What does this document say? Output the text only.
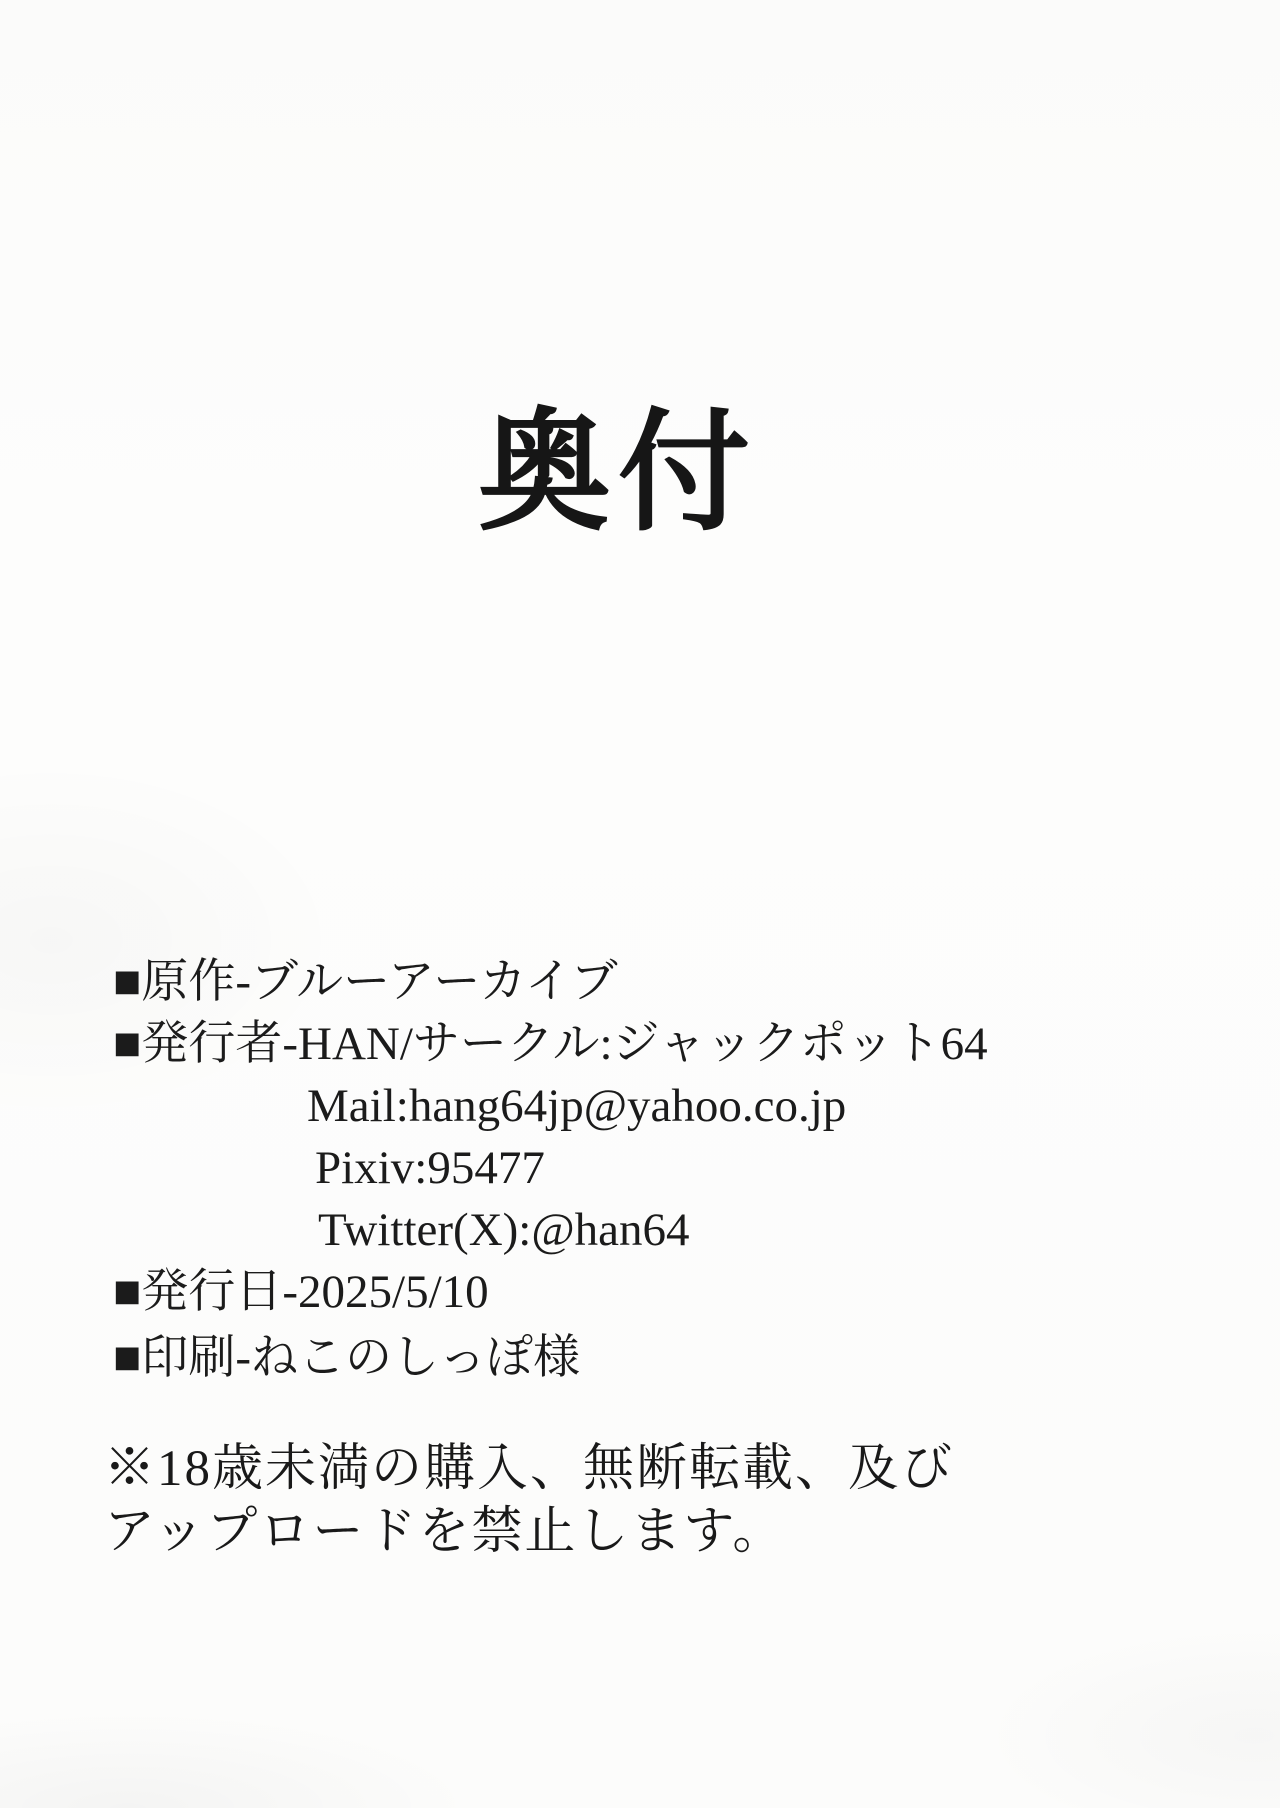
奥付
■原作-ブルーアーカイブ
■発行者-HAN/サークル:ジャックポット64
Mail:hang64jp@yahoo.co.jp
Pixiv:95477
Twitter(X):@han64
■発行日-2025/5/10
■印刷-ねこのしっぽ様
※18歳未満の購入、無断転載、及び
アップロードを禁止します。
